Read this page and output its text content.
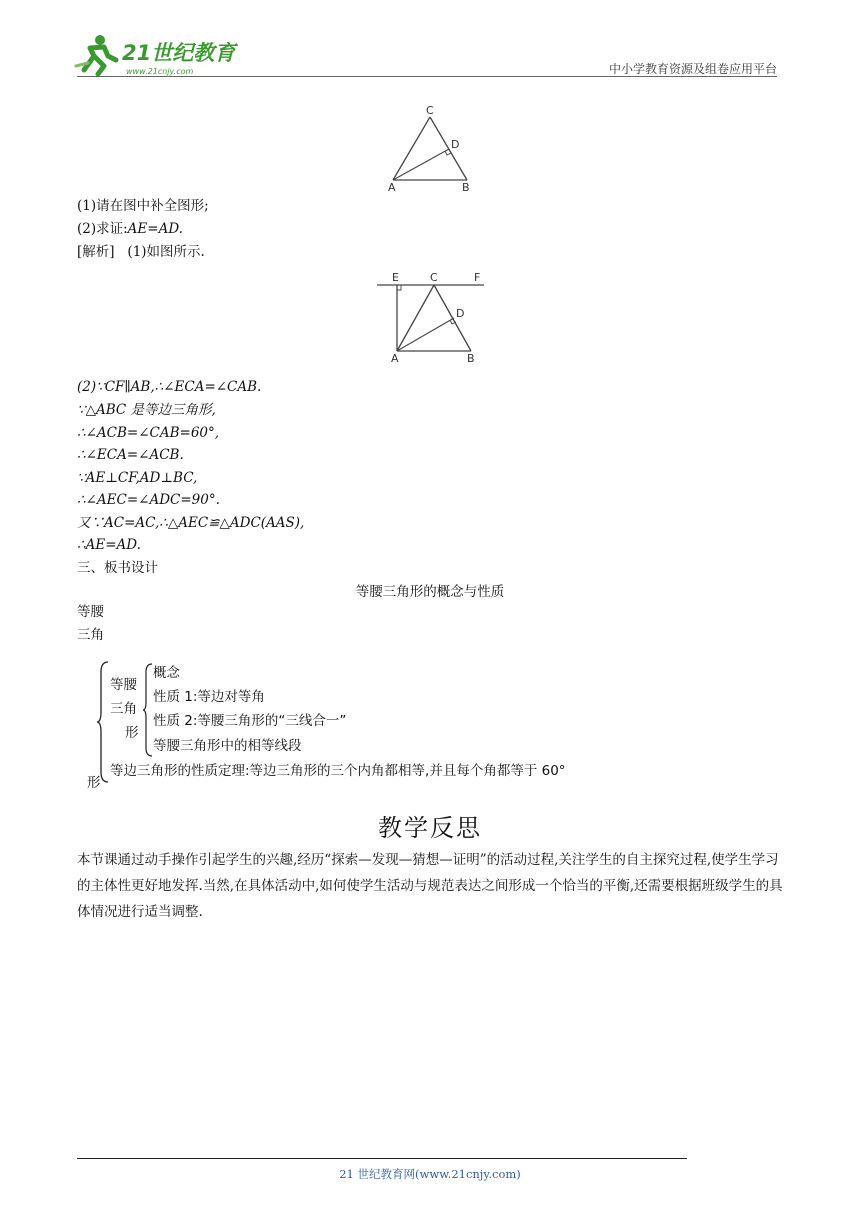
21世纪教育
www.21cnjy.com	中小学教育资源及组卷应用平台
C
D
A	B
(1)请在图中补全图形;
(2)求证:AE=AD.
[解析] (1)如图所示.
E	C	F
D
A	B
(2)∵CF∥AB,∴∠ECA=∠CAB.
∵△ABC 是等边三角形,
∴∠ACB=∠CAB=60°,
∴∠ECA=∠ACB.
∵AE⊥CF,AD⊥BC,
∴∠AEC=∠ADC=90°.
又∵AC=AC,∴△AEC≌△ADC(AAS),
∴AE=AD.
三、板书设计
等腰三角形的概念与性质
等腰
三角
形
等腰
三角
形
概念
性质 1:等边对等角
性质 2:等腰三角形的“三线合一”
等腰三角形中的相等线段
等边三角形的性质定理:等边三角形的三个内角都相等,并且每个角都等于 60°
教学反思
本节课通过动手操作引起学生的兴趣,经历“探索—发现—猜想—证明”的活动过程,关注学生的自主探究过程,使学生学习的主体性更好地发挥.当然,在具体活动中,如何使学生活动与规范表达之间形成一个恰当的平衡,还需要根据班级学生的具体情况进行适当调整.
21 世纪教育网(www.21cnjy.com)
